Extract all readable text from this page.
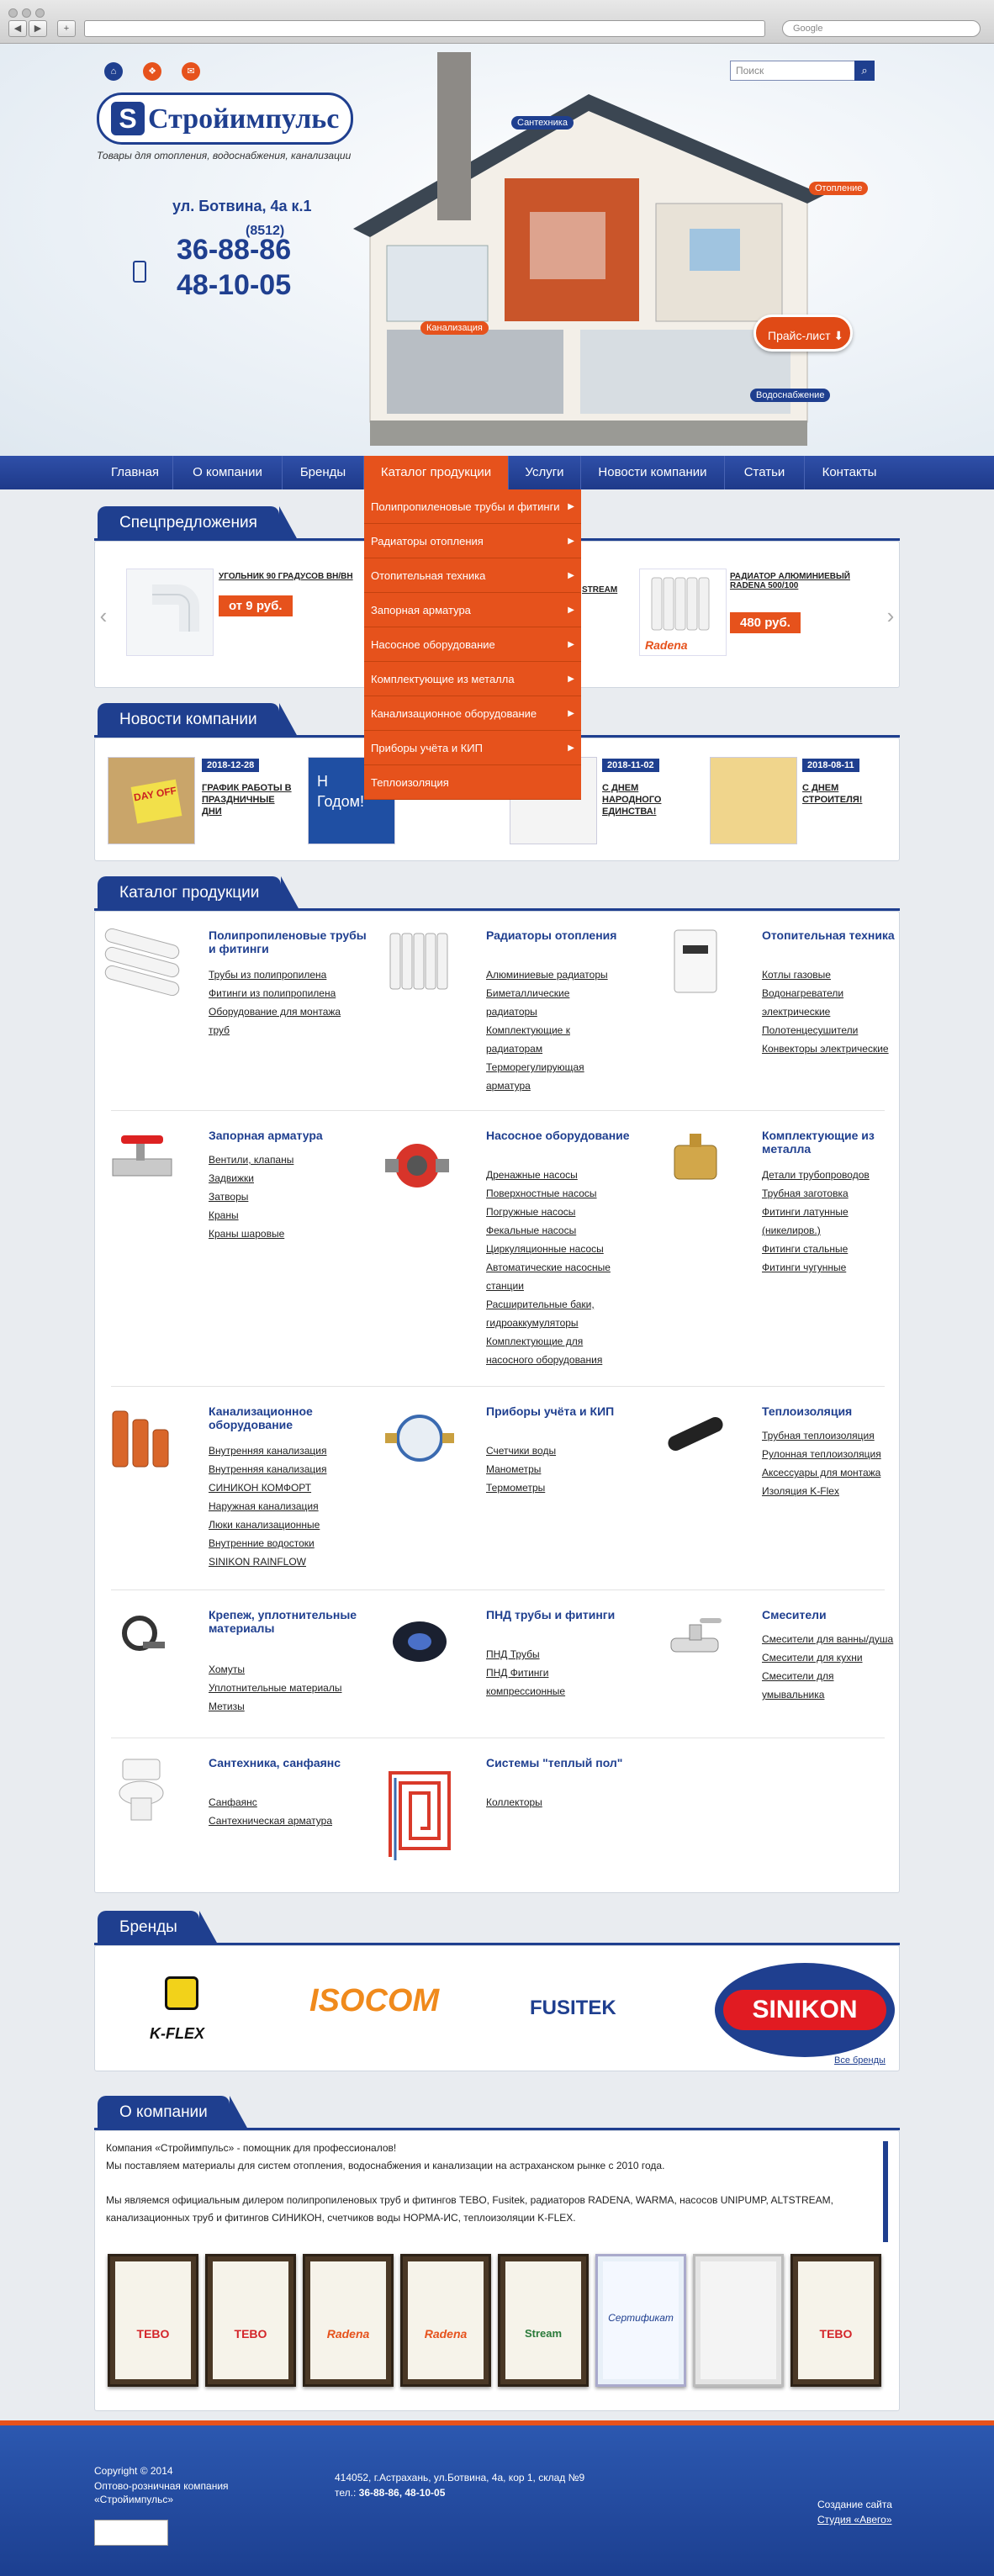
◀	▶	+	Google
⌂	❖	✉	Поиск	⌕
S Стройимпульс
Товары для отопления, водоснабжения, канализации
ул. Ботвина, 4а к.1
(8512)
36-88-86
48-10-05
Сантехника
Отопление
Канализация
Водоснабжение
Прайс-лист ⬇
Главная	О компании	Бренды	Каталог продукции	Услуги	Новости компании	Статьи	Контакты
Полипропиленовые трубы и фитинги ▶
Радиаторы отопления	▶
Отопительная техника	▶
Запорная арматура	▶
Насосное оборудование	▶
Комплектующие из металла	▶
Канализационное оборудование	▶
Приборы учёта и КИП	▶
Теплоизоляция
Спецпредложения
‹	›
УГОЛЬНИК 90 ГРАДУСОВ ВН/ВН
от 9 руб.
STREAM
Radena
РАДИАТОР АЛЮМИНИЕВЫЙ RADENA 500/100
480 руб.
Новости компании
DAY OFF
2018-12-28
ГРАФИК РАБОТЫ В ПРАЗДНИЧНЫЕ ДНИ
Н
Годом!
2018-11-02
С ДНЕМ НАРОДНОГО ЕДИНСТВА!
2018-08-11
С ДНЕМ СТРОИТЕЛЯ!
Каталог продукции
Полипропиленовые трубы и фитинги
Трубы из полипропилена
Фитинги из полипропилена
Оборудование для монтажа
труб
Радиаторы отопления
Алюминиевые радиаторы
Биметаллические
радиаторы
Комплектующие к
радиаторам
Терморегулирующая
арматура
Отопительная техника
Котлы газовые
Водонагреватели
электрические
Полотенцесушители
Конвекторы электрические
Запорная арматура
Вентили, клапаны
Задвижки
Затворы
Краны
Краны шаровые
Насосное оборудование
Дренажные насосы
Поверхностные насосы
Погружные насосы
Фекальные насосы
Циркуляционные насосы
Автоматические насосные
станции
Расширительные баки,
гидроаккумуляторы
Комплектующие для
насосного оборудования
Комплектующие из металла
Детали трубопроводов
Трубная заготовка
Фитинги латунные
(никелиров.)
Фитинги стальные
Фитинги чугунные
Канализационное оборудование
Внутренняя канализация
Внутренняя канализация
СИНИКОН КОМФОРТ
Наружная канализация
Люки канализационные
Внутренние водостоки
SINIKON RAINFLOW
Приборы учёта и КИП
Счетчики воды
Манометры
Термометры
Теплоизоляция
Трубная теплоизоляция
Рулонная теплоизоляция
Аксессуары для монтажа
Изоляция K-Flex
Крепеж, уплотнительные материалы
Хомуты
Уплотнительные материалы
Метизы
ПНД трубы и фитинги
ПНД Трубы
ПНД Фитинги
компрессионные
Смесители
Смесители для ванны/душа
Смесители для кухни
Смесители для
умывальника
Сантехника, санфаянс
Санфаянс
Сантехническая арматура
Системы "теплый пол"
Коллекторы
Бренды
K-FLEX
ISOCOM	FUSITEK	SINIKON
Все бренды
О компании
Компания «Стройимпульс» - помощник для профессионалов!
Мы поставляем материалы для систем отопления, водоснабжения и канализации на астраханском рынке с 2010 года.
Мы являемся официальным дилером полипропиленовых труб и фитингов TEBO, Fusitek, радиаторов RADENA, WARMA, насосов UNIPUMP, ALTSTREAM, канализационных труб и фитингов СИНИКОН, счетчиков воды НОРМА-ИС, теплоизоляции K-FLEX.
TEBO	TEBO	Radena	Radena	Stream
Сертификат
TEBO
Copyright © 2014
Оптово-розничная компания
«Стройимпульс»
414052, г.Астрахань, ул.Ботвина, 4а, кор 1, склад №9
тел.: 36-88-86, 48-10-05
Создание сайта
Студия «Авего»
